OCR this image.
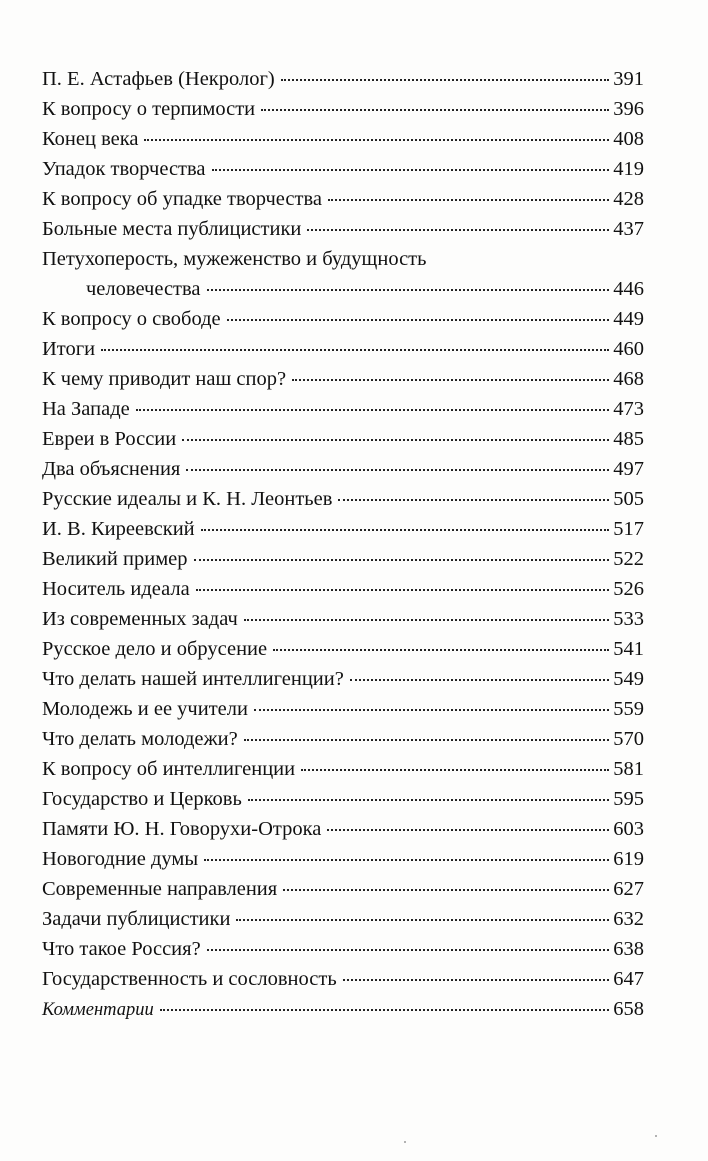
П. Е. Астафьев (Некролог)	391
К вопросу о терпимости	396
Конец века	408
Упадок творчества	419
К вопросу об упадке творчества	428
Больные места публицистики	437
Петухоперость, мужеженство и будущность
человечества	446
К вопросу о свободе	449
Итоги	460
К чему приводит наш спор?	468
На Западе	473
Евреи в России	485
Два объяснения	497
Русские идеалы и К. Н. Леонтьев	505
И. В. Киреевский	517
Великий пример	522
Носитель идеала	526
Из современных задач	533
Русское дело и обрусение	541
Что делать нашей интеллигенции?	549
Молодежь и ее учители	559
Что делать молодежи?	570
К вопросу об интеллигенции	581
Государство и Церковь	595
Памяти Ю. Н. Говорухи-Отрока	603
Новогодние думы	619
Современные направления	627
Задачи публицистики	632
Что такое Россия?	638
Государственность и сословность	647
Комментарии	658
